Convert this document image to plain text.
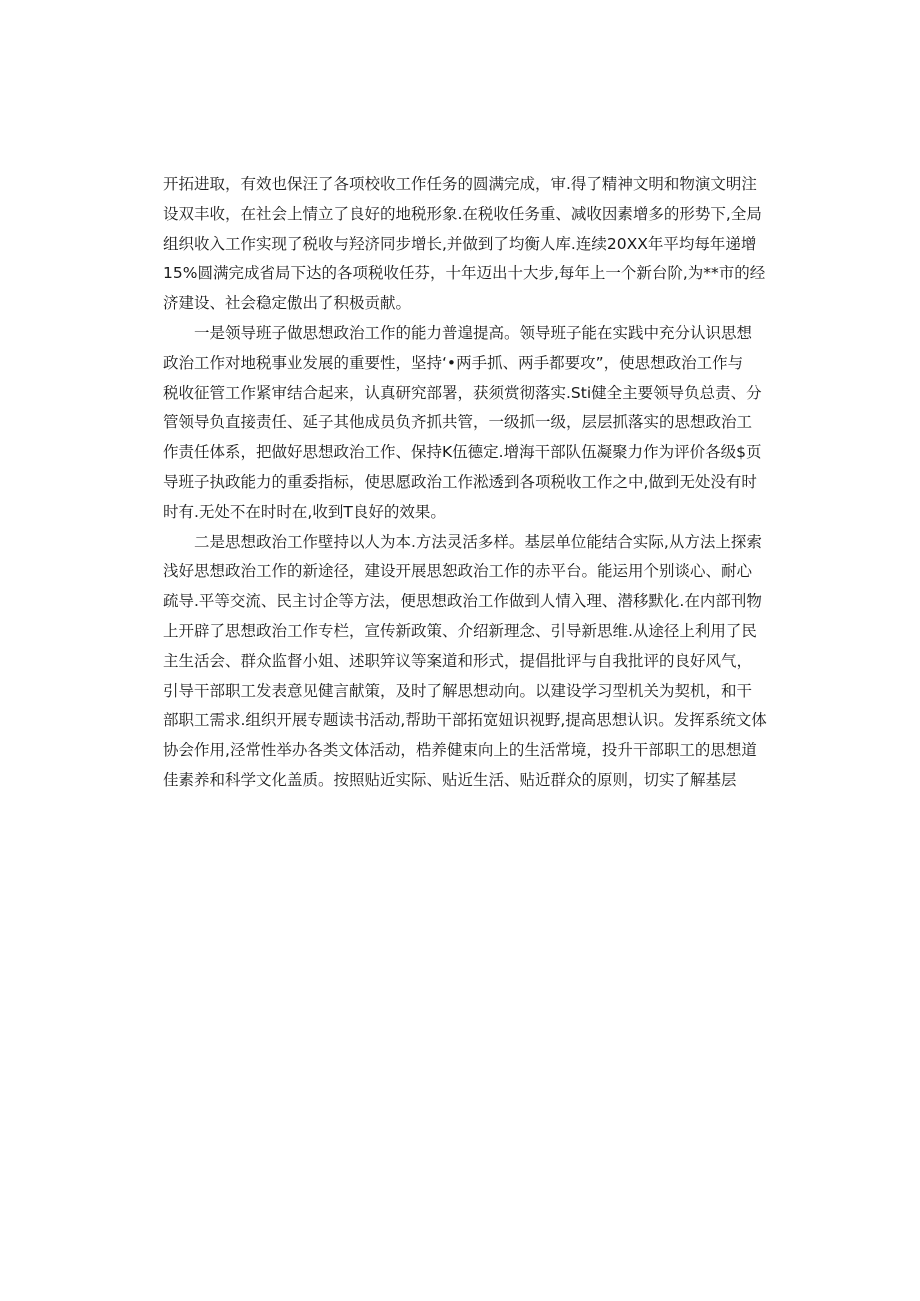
开拓进取，有效也保汪了各项校收工作任务的圆满完成，审.得了精神文明和物演文明注
设双丰收，在社会上情立了良好的地税形象.在税收任务重、减收因素增多的形势下,全局
组织收入工作实现了税收与羟济同步增长,并做到了均衡人库.连续20XX年平均每年递增
15%圆满完成省局下达的各项税收任芬，十年迈出十大步,每年上一个新台阶,为**市的经
济建设、社会稳定傲出了积极贡献。
　　一是领导班子做思想政治工作的能力普遑提高。领导班子能在实践中充分认识思想
政治工作对地税事业发展的重要性，坚持‘•两手抓、两手都要攻”，使思想政治工作与
税收征管工作紧审结合起来，认真研究部署，获须赏彻落实.Sti健全主要领导负总责、分
管领导负直接责任、延子其他成员负齐抓共管，一级抓一级，层层抓落实的思想政治工
作责任体系，把做好思想政治工作、保持K伍德定.增海干部队伍凝聚力作为评价各级$页
导班子执政能力的重委指标，使思愿政治工作淞透到各项税收工作之中,做到无处没有时
时有.无处不在时时在,收到T良好的效果。
　　二是思想政治工作壁持以人为本.方法灵活多样。基层单位能结合实际,从方法上探索
浅好思想政治工作的新途径，建设开展思恕政治工作的赤平台。能运用个别谈心、耐心
疏导.平等交流、民主讨企等方法，便思想政治工作做到人情入理、潜移默化.在内部刊物
上开辟了思想政治工作专栏，宣传新政策、介绍新理念、引导新思维.从途径上利用了民
主生活会、群众监督小姐、述职笄议等案道和形式，提倡批评与自我批评的良好风气，
引导干部职工发表意见健言献策，及时了解思想动向。以建设学习型机关为契机，和干
部职工需求.组织开展专题读书活动,帮助干部拓宽妞识视野,提高思想认识。发挥系统文体
协会作用,泾常性举办各类文体活动，梏养健束向上的生活常境，投升干部职工的思想道
佳素养和科学文化盖质。按照贴近实际、贴近生活、贴近群众的原则，切实了解基层
